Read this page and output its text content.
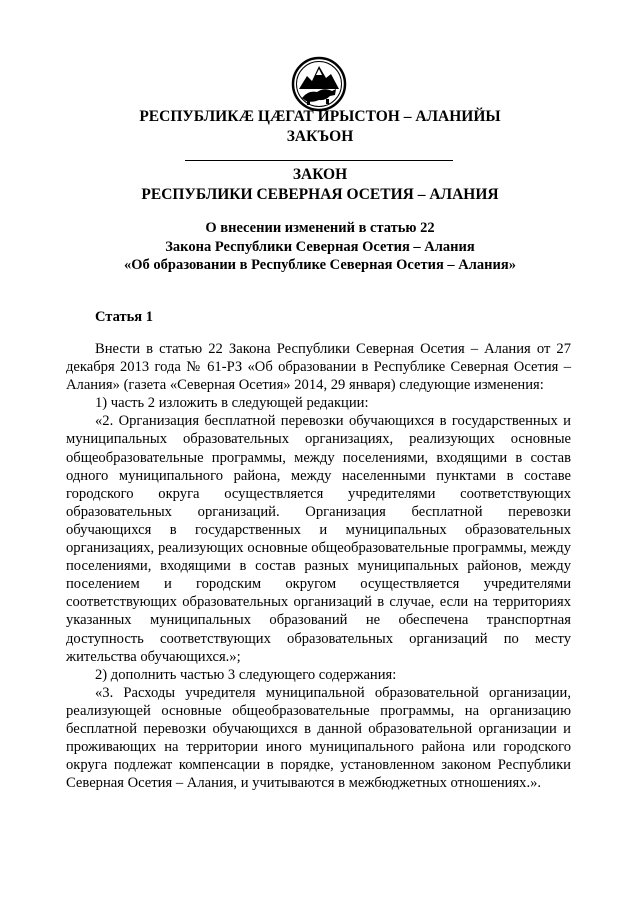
РЕСПУБЛИКÆ ЦÆГАТ ИРЫСТОН – АЛАНИЙЫ
ЗАКЪОН
ЗАКОН
РЕСПУБЛИКИ СЕВЕРНАЯ ОСЕТИЯ – АЛАНИЯ
О внесении изменений в статью 22
Закона Республики Северная Осетия – Алания
«Об образовании в Республике Северная Осетия – Алания»
Статья 1

Внести в статью 22 Закона Республики Северная Осетия – Алания от 27 декабря 2013 года № 61-РЗ «Об образовании в Республике Северная Осетия – Алания» (газета «Северная Осетия» 2014, 29 января) следующие изменения:

1) часть 2 изложить в следующей редакции:

«2. Организация бесплатной перевозки обучающихся в государственных и муниципальных образовательных организациях, реализующих основные общеобразовательные программы, между поселениями, входящими в состав одного муниципального района, между населенными пунктами в составе городского округа осуществляется учредителями соответствующих образовательных организаций. Организация бесплатной перевозки обучающихся в государственных и муниципальных образовательных организациях, реализующих основные общеобразовательные программы, между поселениями, входящими в состав разных муниципальных районов, между поселением и городским округом осуществляется учредителями соответствующих образовательных организаций в случае, если на территориях указанных муниципальных образований не обеспечена транспортная доступность соответствующих образовательных организаций по месту жительства обучающихся.»;

2) дополнить частью 3 следующего содержания:

«3. Расходы учредителя муниципальной образовательной организации, реализующей основные общеобразовательные программы, на организацию бесплатной перевозки обучающихся в данной образовательной организации и проживающих на территории иного муниципального района или городского округа подлежат компенсации в порядке, установленном законом Республики Северная Осетия – Алания, и учитываются в межбюджетных отношениях.».
